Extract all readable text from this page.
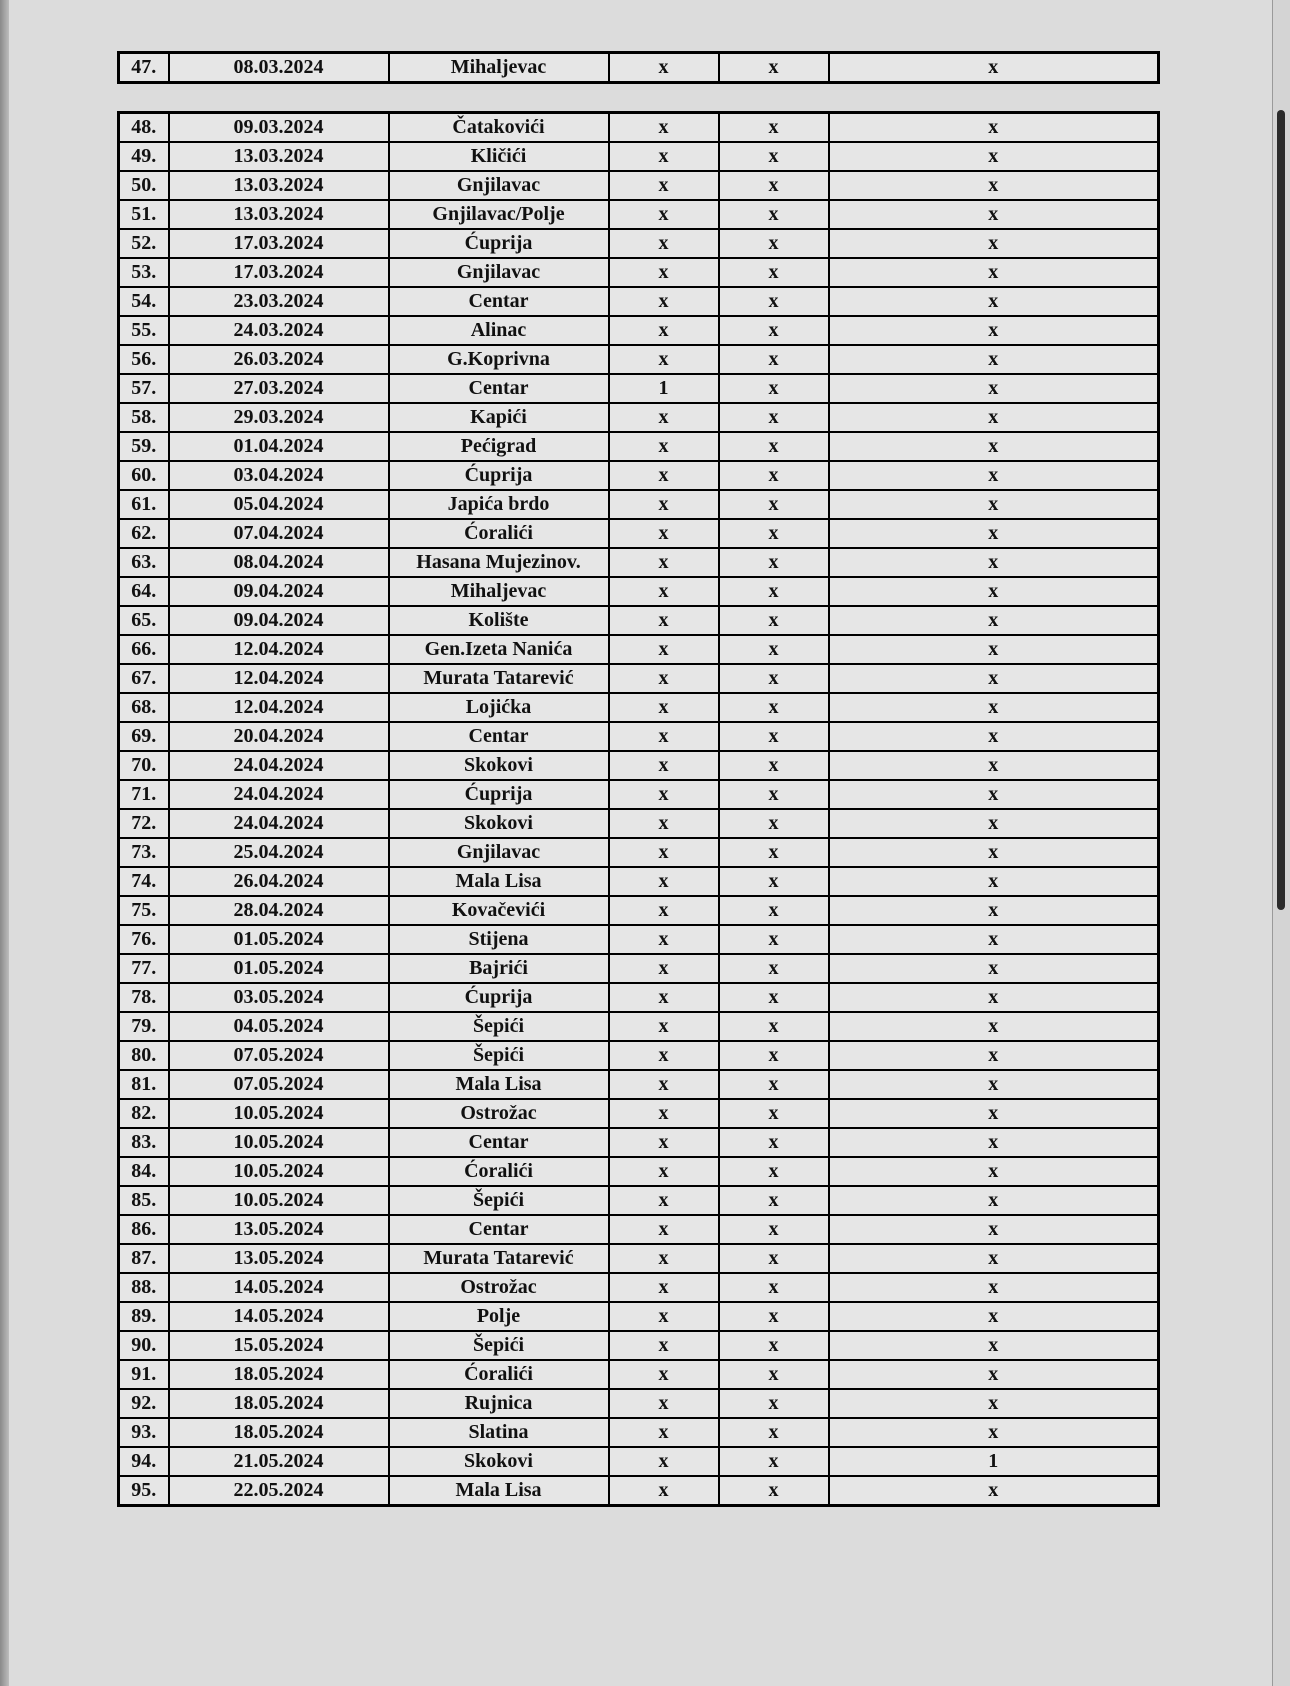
47.	08.03.2024	Mihaljevac	x	x	x
48.	09.03.2024	Čatakovići	x	x	x
49.	13.03.2024	Kličići	x	x	x
50.	13.03.2024	Gnjilavac	x	x	x
51.	13.03.2024	Gnjilavac/Polje	x	x	x
52.	17.03.2024	Ćuprija	x	x	x
53.	17.03.2024	Gnjilavac	x	x	x
54.	23.03.2024	Centar	x	x	x
55.	24.03.2024	Alinac	x	x	x
56.	26.03.2024	G.Koprivna	x	x	x
57.	27.03.2024	Centar	1	x	x
58.	29.03.2024	Kapići	x	x	x
59.	01.04.2024	Pećigrad	x	x	x
60.	03.04.2024	Ćuprija	x	x	x
61.	05.04.2024	Japića brdo	x	x	x
62.	07.04.2024	Ćoralići	x	x	x
63.	08.04.2024	Hasana Mujezinov.	x	x	x
64.	09.04.2024	Mihaljevac	x	x	x
65.	09.04.2024	Kolište	x	x	x
66.	12.04.2024	Gen.Izeta Nanića	x	x	x
67.	12.04.2024	Murata Tatarević	x	x	x
68.	12.04.2024	Lojićka	x	x	x
69.	20.04.2024	Centar	x	x	x
70.	24.04.2024	Skokovi	x	x	x
71.	24.04.2024	Ćuprija	x	x	x
72.	24.04.2024	Skokovi	x	x	x
73.	25.04.2024	Gnjilavac	x	x	x
74.	26.04.2024	Mala Lisa	x	x	x
75.	28.04.2024	Kovačevići	x	x	x
76.	01.05.2024	Stijena	x	x	x
77.	01.05.2024	Bajrići	x	x	x
78.	03.05.2024	Ćuprija	x	x	x
79.	04.05.2024	Šepići	x	x	x
80.	07.05.2024	Šepići	x	x	x
81.	07.05.2024	Mala Lisa	x	x	x
82.	10.05.2024	Ostrožac	x	x	x
83.	10.05.2024	Centar	x	x	x
84.	10.05.2024	Ćoralići	x	x	x
85.	10.05.2024	Šepići	x	x	x
86.	13.05.2024	Centar	x	x	x
87.	13.05.2024	Murata Tatarević	x	x	x
88.	14.05.2024	Ostrožac	x	x	x
89.	14.05.2024	Polje	x	x	x
90.	15.05.2024	Šepići	x	x	x
91.	18.05.2024	Ćoralići	x	x	x
92.	18.05.2024	Rujnica	x	x	x
93.	18.05.2024	Slatina	x	x	x
94.	21.05.2024	Skokovi	x	x	1
95.	22.05.2024	Mala Lisa	x	x	x
